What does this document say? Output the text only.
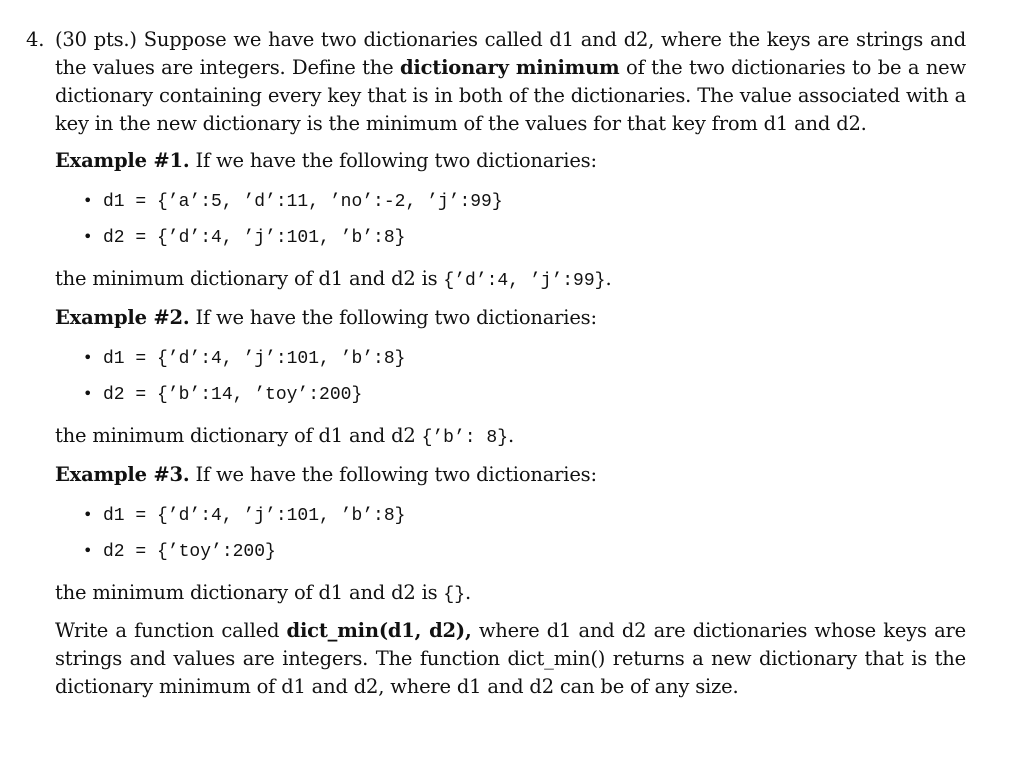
4. (30 pts.) Suppose we have two dictionaries called d1 and d2, where the keys are strings and the values are integers. Define the dictionary minimum of the two dictionaries to be a new dictionary containing every key that is in both of the dictionaries. The value associated with a key in the new dictionary is the minimum of the values for that key from d1 and d2.
Example #1. If we have the following two dictionaries:
• d1 = {’a’:5, ’d’:11, ’no’:-2, ’j’:99}
• d2 = {’d’:4, ’j’:101, ’b’:8}
the minimum dictionary of d1 and d2 is {’d’:4, ’j’:99}.
Example #2. If we have the following two dictionaries:
• d1 = {’d’:4, ’j’:101, ’b’:8}
• d2 = {’b’:14, ’toy’:200}
the minimum dictionary of d1 and d2 {’b’: 8}.
Example #3. If we have the following two dictionaries:
• d1 = {’d’:4, ’j’:101, ’b’:8}
• d2 = {’toy’:200}
the minimum dictionary of d1 and d2 is {}.
Write a function called dict_min(d1, d2), where d1 and d2 are dictionaries whose keys are strings and values are integers. The function dict_min() returns a new dictionary that is the dictionary minimum of d1 and d2, where d1 and d2 can be of any size.
